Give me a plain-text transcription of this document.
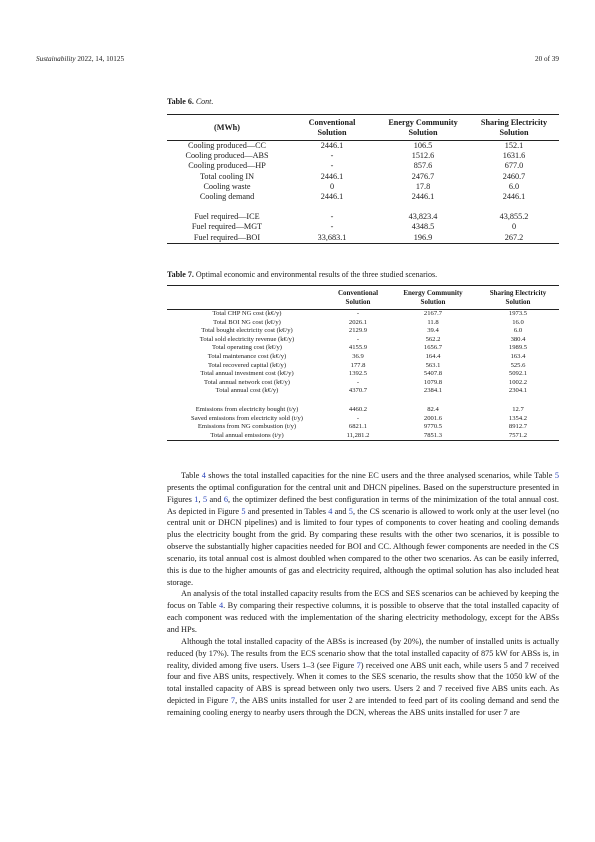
Sustainability 2022, 14, 10125	20 of 39
Table 6. Cont.
(MWh)	Conventional Solution	Energy Community Solution	Sharing Electricity Solution
Cooling produced—CC	2446.1	106.5	152.1
Cooling produced—ABS	-	1512.6	1631.6
Cooling produced—HP	-	857.6	677.0
Total cooling IN	2446.1	2476.7	2460.7
Cooling waste	0	17.8	6.0
Cooling demand	2446.1	2446.1	2446.1

Fuel required—ICE	-	43,823.4	43,855.2
Fuel required—MGT	-	4348.5	0
Fuel required—BOI	33,683.1	196.9	267.2
Table 7. Optimal economic and environmental results of the three studied scenarios.
	Conventional Solution	Energy Community Solution	Sharing Electricity Solution
Total CHP NG cost (k€/y)	-	2167.7	1973.5
Total BOI NG cost (k€/y)	2026.1	11.8	16.0
Total bought electricity cost (k€/y)	2129.9	39.4	6.0
Total sold electricity revenue (k€/y)	-	562.2	380.4
Total operating cost (k€/y)	4155.9	1656.7	1989.5
Total maintenance cost (k€/y)	36.9	164.4	163.4
Total recovered capital (k€/y)	177.8	563.1	525.6
Total annual investment cost (k€/y)	1392.5	5407.8	5092.1
Total annual network cost (k€/y)	-	1079.8	1002.2
Total annual cost (k€/y)	4370.7	2384.1	2304.1

Emissions from electricity bought (t/y)	4460.2	82.4	12.7
Saved emissions from electricity sold (t/y)	-	2001.6	1354.2
Emissions from NG combustion (t/y)	6821.1	9770.5	8912.7
Total annual emissions (t/y)	11,281.2	7851.3	7571.2

Table 4 shows the total installed capacities for the nine EC users and the three analysed scenarios, while Table 5 presents the optimal configuration for the central unit and DHCN pipelines. Based on the superstructure presented in Figures 1, 5 and 6, the optimizer defined the best configuration in terms of the minimization of the total annual cost. As depicted in Figure 5 and presented in Tables 4 and 5, the CS scenario is allowed to work only at the user level (no central unit or DHCN pipelines) and is limited to four types of components to cover heating and cooling demands plus the electricity bought from the grid. By comparing these results with the other two scenarios, it is possible to observe the substantially higher capacities needed for BOI and CC. Although fewer components are needed in the CS scenario, its total annual cost is almost doubled when compared to the other two scenarios. As can be easily inferred, this is due to the higher amounts of gas and electricity required, although the optimal solution has also included heat storage.

An analysis of the total installed capacity results from the ECS and SES scenarios can be achieved by keeping the focus on Table 4. By comparing their respective columns, it is possible to observe that the total installed capacity of each component was reduced with the implementation of the sharing electricity methodology, except for the ABSs and HPs.

Although the total installed capacity of the ABSs is increased (by 20%), the number of installed units is actually reduced (by 17%). The results from the ECS scenario show that the total installed capacity of 875 kW for ABSs is, in reality, divided among five users. Users 1–3 (see Figure 7) received one ABS unit each, while users 5 and 7 received four and five ABS units, respectively. When it comes to the SES scenario, the results show that the 1050 kW of the total installed capacity of ABS is spread between only two users. Users 2 and 7 received five ABS units each. As depicted in Figure 7, the ABS units installed for user 2 are intended to feed part of its cooling demand and send the remaining cooling energy to nearby users through the DCN, whereas the ABS units installed for user 7 are
